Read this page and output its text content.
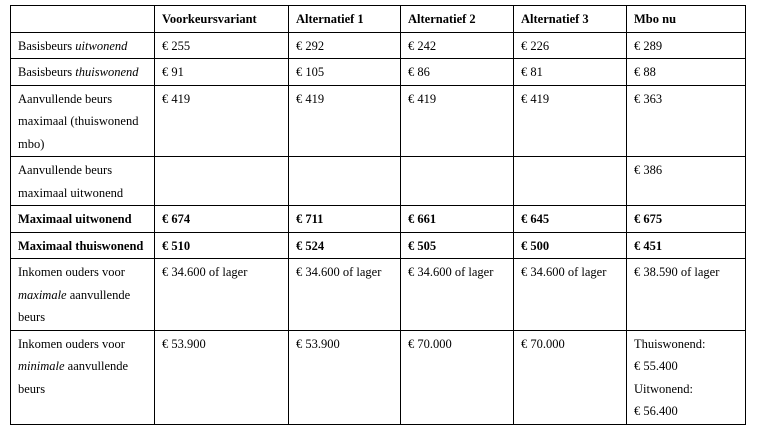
	Voorkeursvariant	Alternatief 1	Alternatief 2	Alternatief 3	Mbo nu
Basisbeurs uitwonend	€ 255	€ 292	€ 242	€ 226	€ 289
Basisbeurs thuiswonend	€ 91	€ 105	€ 86	€ 81	€ 88
Aanvullende beurs maximaal (thuiswonend mbo)	€ 419	€ 419	€ 419	€ 419	€ 363
Aanvullende beurs maximaal uitwonend					€ 386
Maximaal uitwonend	€ 674	€ 711	€ 661	€ 645	€ 675
Maximaal thuiswonend	€ 510	€ 524	€ 505	€ 500	€ 451
Inkomen ouders voor maximale aanvullende beurs	€ 34.600 of lager	€ 34.600 of lager	€ 34.600 of lager	€ 34.600 of lager	€ 38.590 of lager
Inkomen ouders voor minimale aanvullende beurs	€ 53.900	€ 53.900	€ 70.000	€ 70.000	Thuiswonend:
€ 55.400
Uitwonend:
€ 56.400
